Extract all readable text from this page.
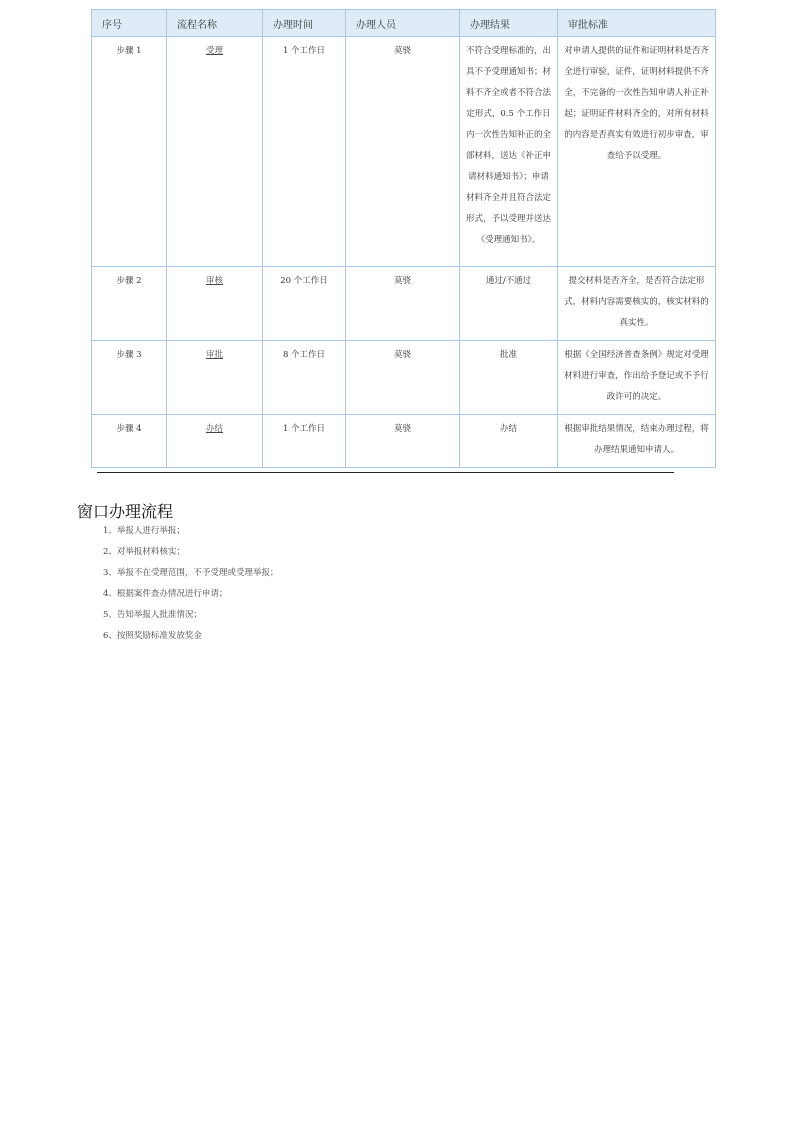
序号	流程名称	办理时间	办理人员	办理结果	审批标准
步骤 1	受理	1 个工作日	莫骁	不符合受理标准的，出具不予受理通知书；材料不齐全或者不符合法定形式，0.5 个工作日内一次性告知补正的全部材料，送达《补正申请材料通知书》；申请材料齐全并且符合法定形式，予以受理并送达《受理通知书》。	对申请人提供的证件和证明材料是否齐全进行审验，证件，证明材料提供不齐全，不完备的一次性告知申请人补正补起；证明证件材料齐全的，对所有材料的内容是否真实有效进行初步审查，审查给予以受理。
步骤 2	审核	20 个工作日	莫骁	通过/不通过	提交材料是否齐全，是否符合法定形式，材料内容需要核实的，核实材料的真实性。
步骤 3	审批	8 个工作日	莫骁	批准	根据《全国经济普查条例》规定对受理材料进行审查，作出给予登记或不予行政许可的决定。
步骤 4	办结	1 个工作日	莫骁	办结	根据审批结果情况，结束办理过程，将办理结果通知申请人。
窗口办理流程
1、举报人进行举报；
2、对举报材料核实；
3、举报不在受理范围，不予受理或受理举报；
4、根据案件查办情况进行申请；
5、告知举报人批准情况；
6、按照奖励标准发放奖金
